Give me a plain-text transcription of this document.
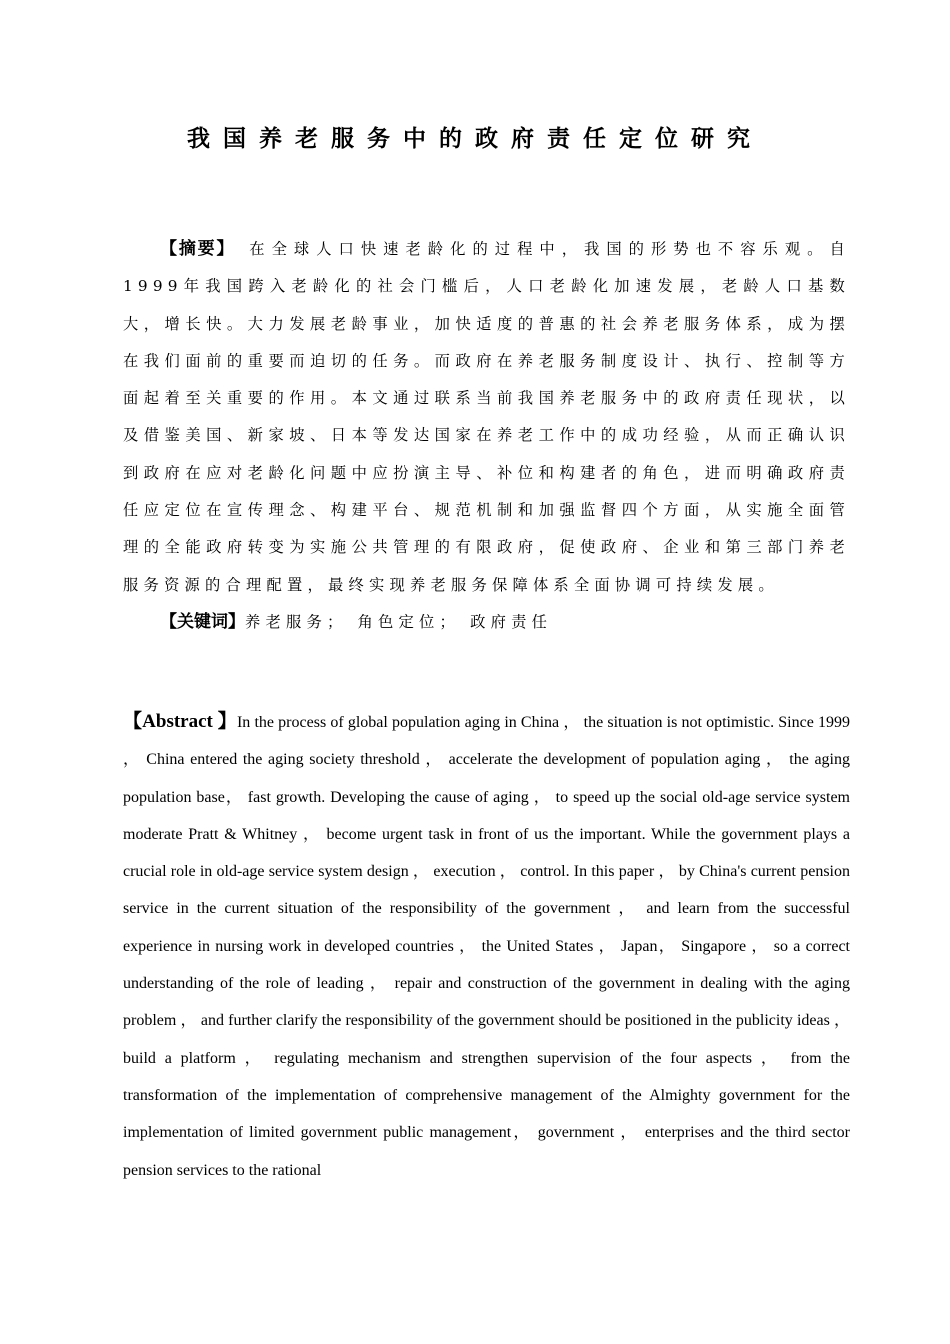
我国养老服务中的政府责任定位研究

【摘要】 在全球人口快速老龄化的过程中，我国的形势也不容乐观。自1999年我国跨入老龄化的社会门槛后，人口老龄化加速发展，老龄人口基数大，增长快。大力发展老龄事业，加快适度的普惠的社会养老服务体系，成为摆在我们面前的重要而迫切的任务。而政府在养老服务制度设计、执行、控制等方面起着至关重要的作用。本文通过联系当前我国养老服务中的政府责任现状，以及借鉴美国、新家坡、日本等发达国家在养老工作中的成功经验，从而正确认识到政府在应对老龄化问题中应扮演主导、补位和构建者的角色，进而明确政府责任应定位在宣传理念、构建平台、规范机制和加强监督四个方面，从实施全面管理的全能政府转变为实施公共管理的有限政府，促使政府、企业和第三部门养老服务资源的合理配置，最终实现养老服务保障体系全面协调可持续发展。

【关键词】养老服务； 角色定位； 政府责任

【Abstract 】In the process of global population aging in China ， the situation is not optimistic. Since 1999 ， China entered the aging society threshold ， accelerate the development of population aging ， the aging population base， fast growth. Developing the cause of aging ， to speed up the social old-age service system moderate Pratt & Whitney ， become urgent task in front of us the important. While the government plays a crucial role in old-age service system design ， execution ， control. In this paper ， by China's current pension service in the current situation of the responsibility of the government ， and learn from the successful experience in nursing work in developed countries ， the United States ， Japan， Singapore ， so a correct understanding of the role of leading ， repair and construction of the government in dealing with the aging problem ， and further clarify the responsibility of the government should be positioned in the publicity ideas ， build a platform ， regulating mechanism and strengthen supervision of the four aspects ， from the transformation of the implementation of comprehensive management of the Almighty government for the implementation of limited government public management， government ， enterprises and the third sector pension services to the rational
